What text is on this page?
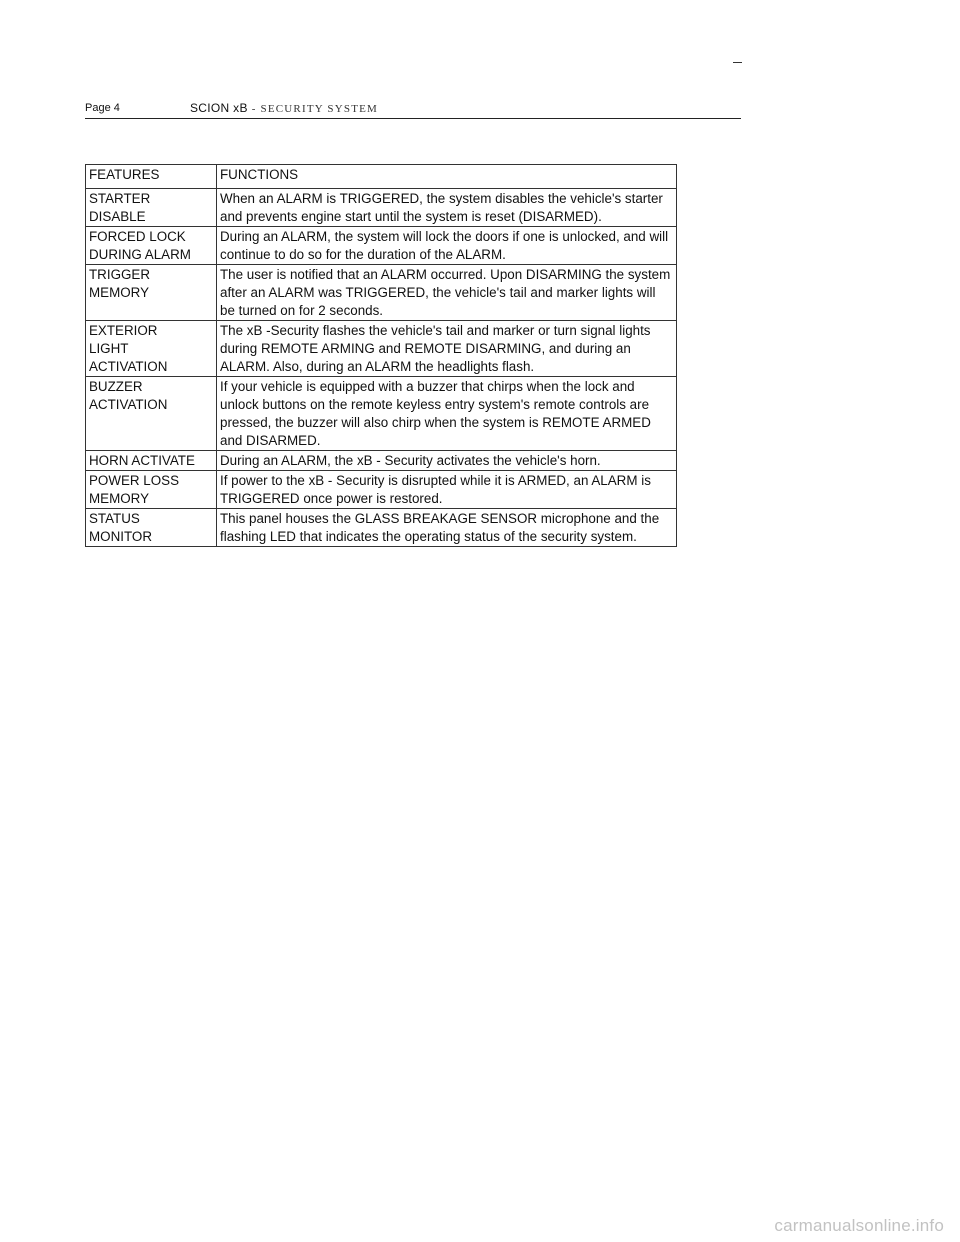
Page 4	SCION xB - SECURITY SYSTEM
FEATURES	FUNCTIONS
STARTER
DISABLE	When an ALARM is TRIGGERED, the system disables the vehicle's starter and prevents engine start until the system is reset (DISARMED).
FORCED LOCK
DURING ALARM	During an ALARM, the system will lock the doors if one is unlocked, and will continue to do so for the duration of the ALARM.
TRIGGER
MEMORY	The user is notified that an ALARM occurred. Upon DISARMING the system after an ALARM was TRIGGERED, the vehicle's tail and marker lights will be turned on for 2 seconds.
EXTERIOR
LIGHT
ACTIVATION	The xB -Security flashes the vehicle's tail and marker or turn signal lights during REMOTE ARMING and REMOTE DISARMING, and during an ALARM. Also, during an ALARM the headlights flash.
BUZZER
ACTIVATION	If your vehicle is equipped with a buzzer that chirps when the lock and unlock buttons on the remote keyless entry system's remote controls are pressed, the buzzer will also chirp when the system is REMOTE ARMED and DISARMED.
HORN ACTIVATE	During an ALARM, the xB - Security activates the vehicle's horn.
POWER LOSS
MEMORY	If power to the xB - Security is disrupted while it is ARMED, an ALARM is TRIGGERED once power is restored.
STATUS
MONITOR	This panel houses the GLASS BREAKAGE SENSOR microphone and the flashing LED that indicates the operating status of the security system.
carmanualsonline.info
